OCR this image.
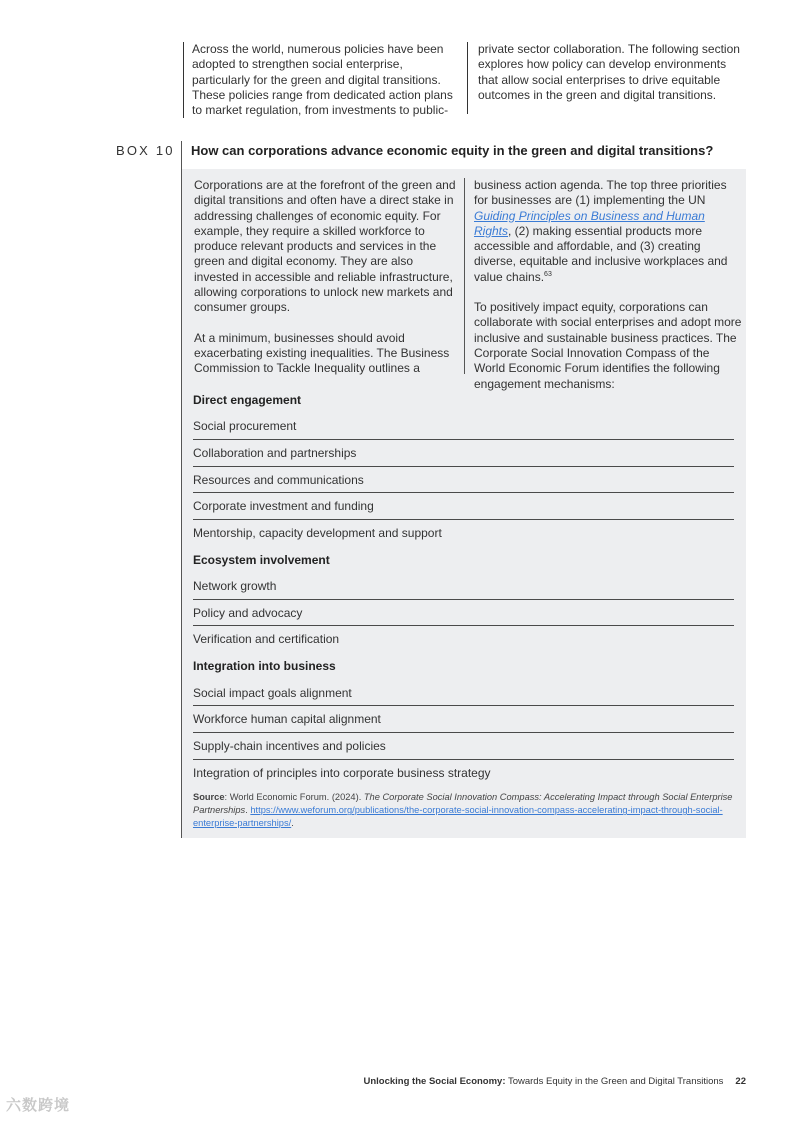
Across the world, numerous policies have been adopted to strengthen social enterprise, particularly for the green and digital transitions. These policies range from dedicated action plans to market regulation, from investments to public-
private sector collaboration. The following section explores how policy can develop environments that allow social enterprises to drive equitable outcomes in the green and digital transitions.
BOX 10 How can corporations advance economic equity in the green and digital transitions?

Corporations are at the forefront of the green and digital transitions and often have a direct stake in addressing challenges of economic equity. For example, they require a skilled workforce to produce relevant products and services in the green and digital economy. They are also invested in accessible and reliable infrastructure, allowing corporations to unlock new markets and consumer groups.

At a minimum, businesses should avoid exacerbating existing inequalities. The Business Commission to Tackle Inequality outlines a

business action agenda. The top three priorities for businesses are (1) implementing the UN Guiding Principles on Business and Human Rights, (2) making essential products more accessible and affordable, and (3) creating diverse, equitable and inclusive workplaces and value chains.$^{63}$

To positively impact equity, corporations can collaborate with social enterprises and adopt more inclusive and sustainable business practices. The Corporate Social Innovation Compass of the World Economic Forum identifies the following engagement mechanisms:

Direct engagement
Social procurement
Collaboration and partnerships
Resources and communications
Corporate investment and funding
Mentorship, capacity development and support
Ecosystem involvement
Network growth
Policy and advocacy
Verification and certification
Integration into business
Social impact goals alignment
Workforce human capital alignment
Supply-chain incentives and policies
Integration of principles into corporate business strategy
Source: World Economic Forum. (2024). The Corporate Social Innovation Compass: Accelerating Impact through Social Enterprise Partnerships. https://www.weforum.org/publications/the-corporate-social-innovation-compass-accelerating-impact-through-social-enterprise-partnerships/.
Unlocking the Social Economy: Towards Equity in the Green and Digital Transitions 22
六数跨境
